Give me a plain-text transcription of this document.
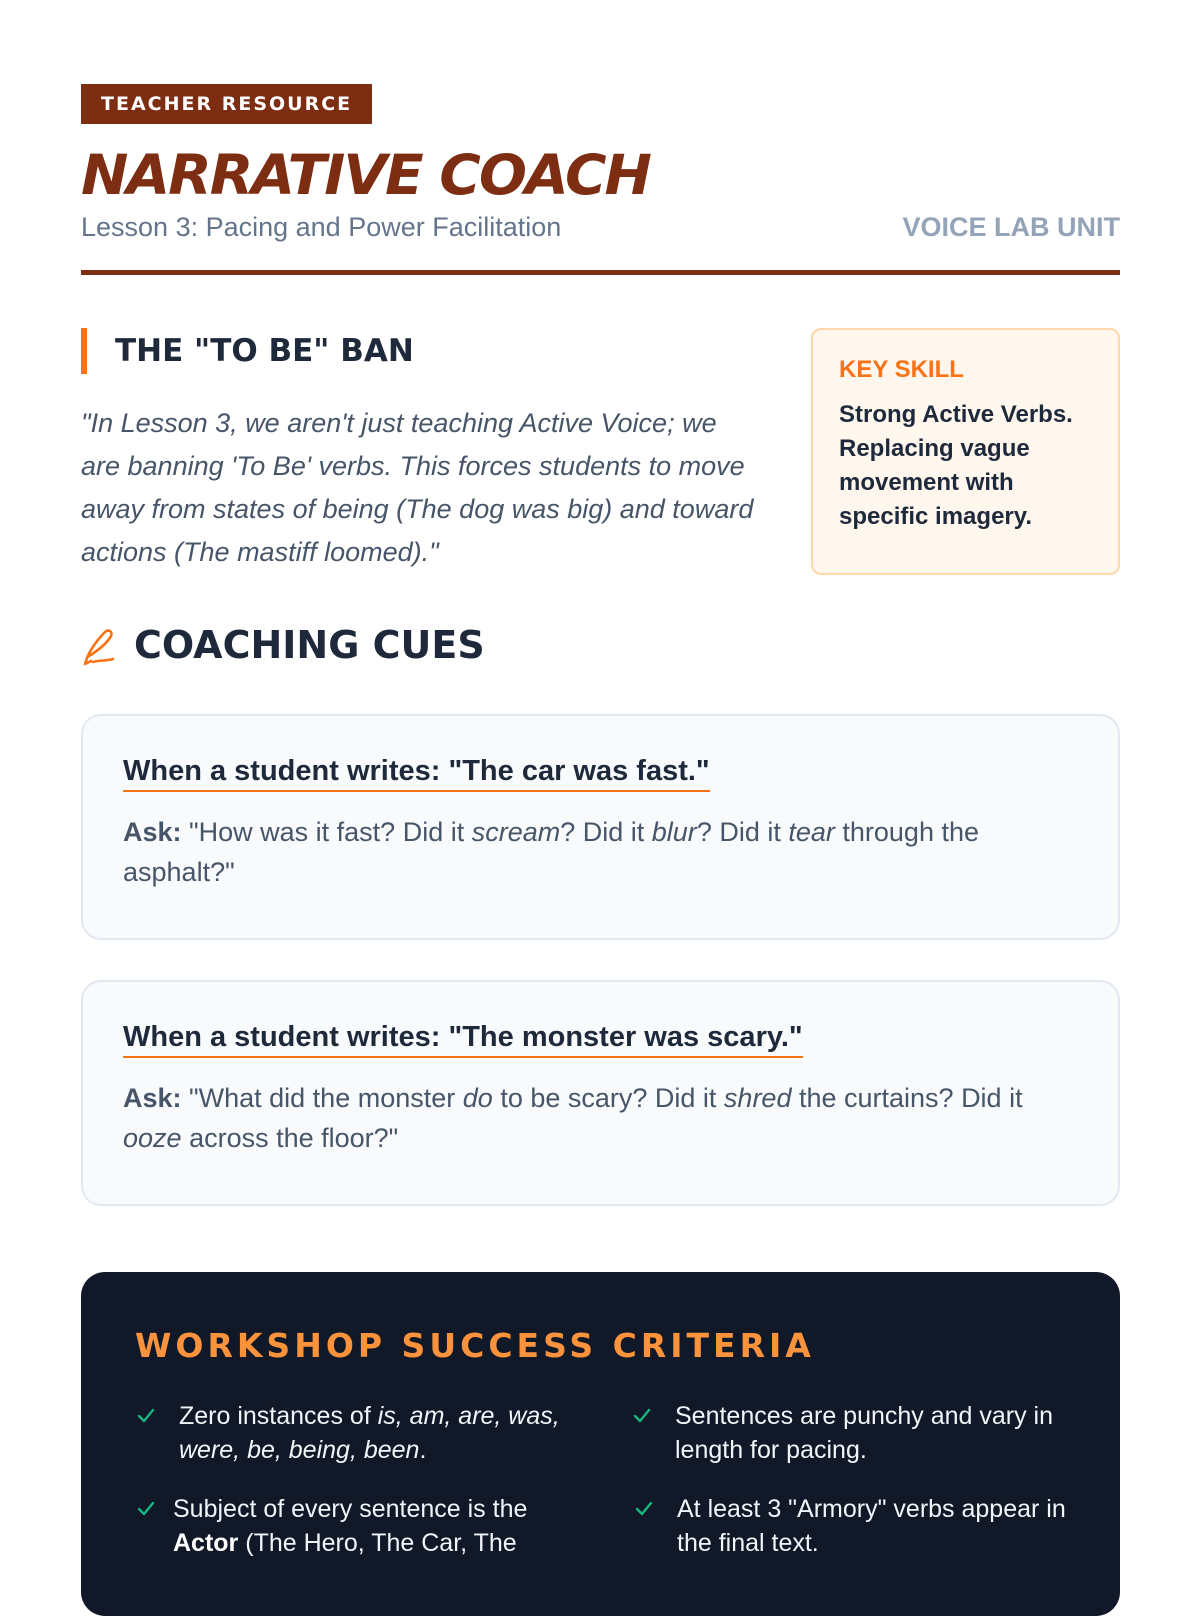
TEACHER RESOURCE
NARRATIVE COACH
Lesson 3: Pacing and Power Facilitation	VOICE LAB UNIT
THE "TO BE" BAN
"In Lesson 3, we aren't just teaching Active Voice; we are banning 'To Be' verbs. This forces students to move away from states of being (The dog was big) and toward actions (The mastiff loomed)."
KEY SKILL
Strong Active Verbs. Replacing vague movement with specific imagery.
COACHING CUES
When a student writes: "The car was fast."
Ask: "How was it fast? Did it scream? Did it blur? Did it tear through the asphalt?"
When a student writes: "The monster was scary."
Ask: "What did the monster do to be scary? Did it shred the curtains? Did it ooze across the floor?"
WORKSHOP SUCCESS CRITERIA
Zero instances of is, am, are, was, were, be, being, been.
Sentences are punchy and vary in length for pacing.
Subject of every sentence is the Actor (The Hero, The Car, The
At least 3 "Armory" verbs appear in the final text.
